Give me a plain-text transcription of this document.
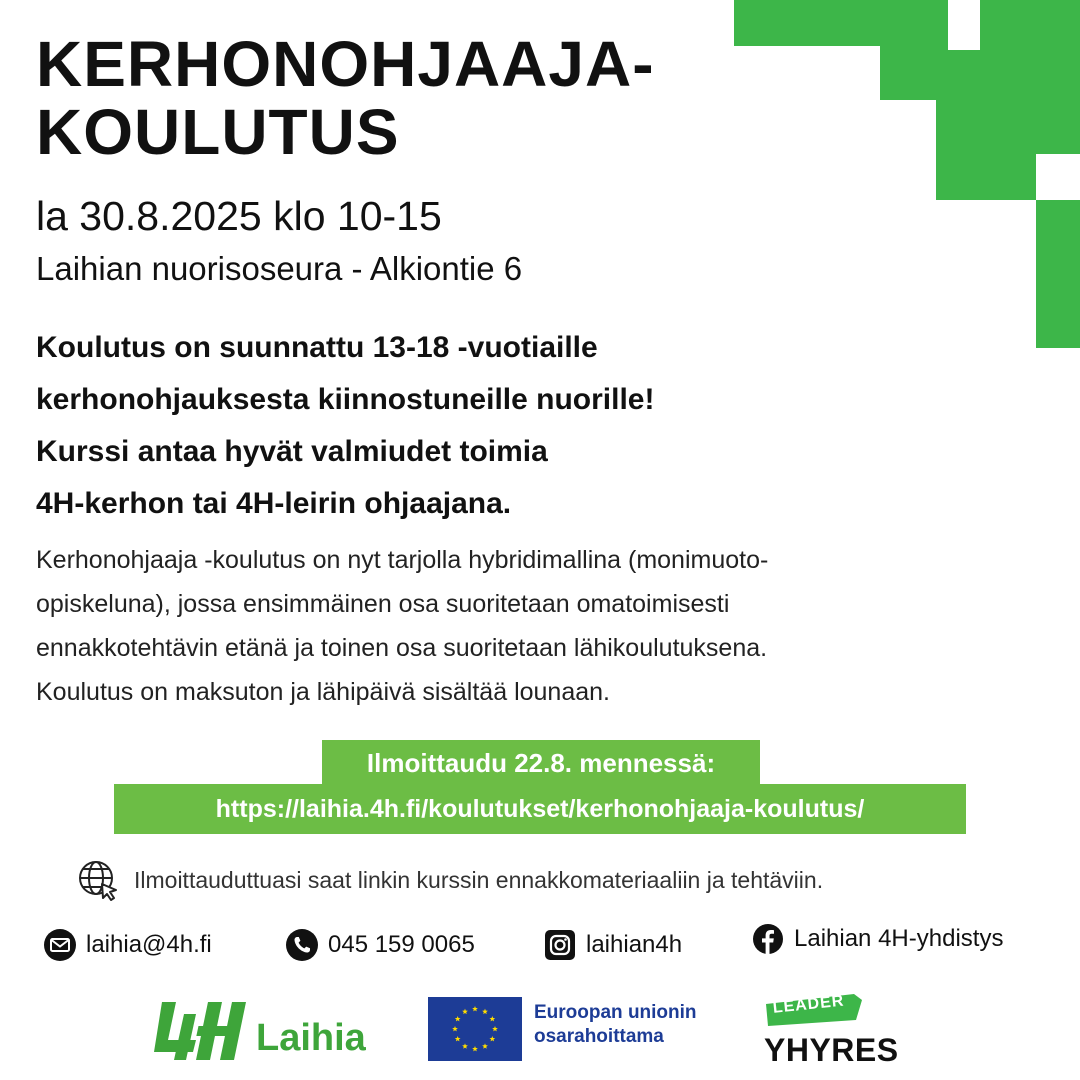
KERHONOHJAAJA-
KOULUTUS
la 30.8.2025 klo 10-15
Laihian nuorisoseura - Alkiontie 6
Koulutus on suunnattu 13-18 -vuotiaille
kerhonohjauksesta kiinnostuneille nuorille!
Kurssi antaa hyvät valmiudet toimia
4H-kerhon tai 4H-leirin ohjaajana.
Kerhonohjaaja -koulutus on nyt tarjolla hybridimallina (monimuoto-
opiskeluna), jossa ensimmäinen osa suoritetaan omatoimisesti
ennakkotehtävin etänä ja toinen osa suoritetaan lähikoulutuksena.
Koulutus on maksuton ja lähipäivä sisältää lounaan.
Ilmoittaudu 22.8. mennessä:
https://laihia.4h.fi/koulutukset/kerhonohjaaja-koulutus/
Ilmoittauduttuasi saat linkin kurssin ennakkomateriaaliin ja tehtäviin.
laihia@4h.fi	045 159 0065	laihian4h	Laihian 4H-yhdistys
Laihia
Euroopan unionin
osarahoittama
LEADER
YHYRES
